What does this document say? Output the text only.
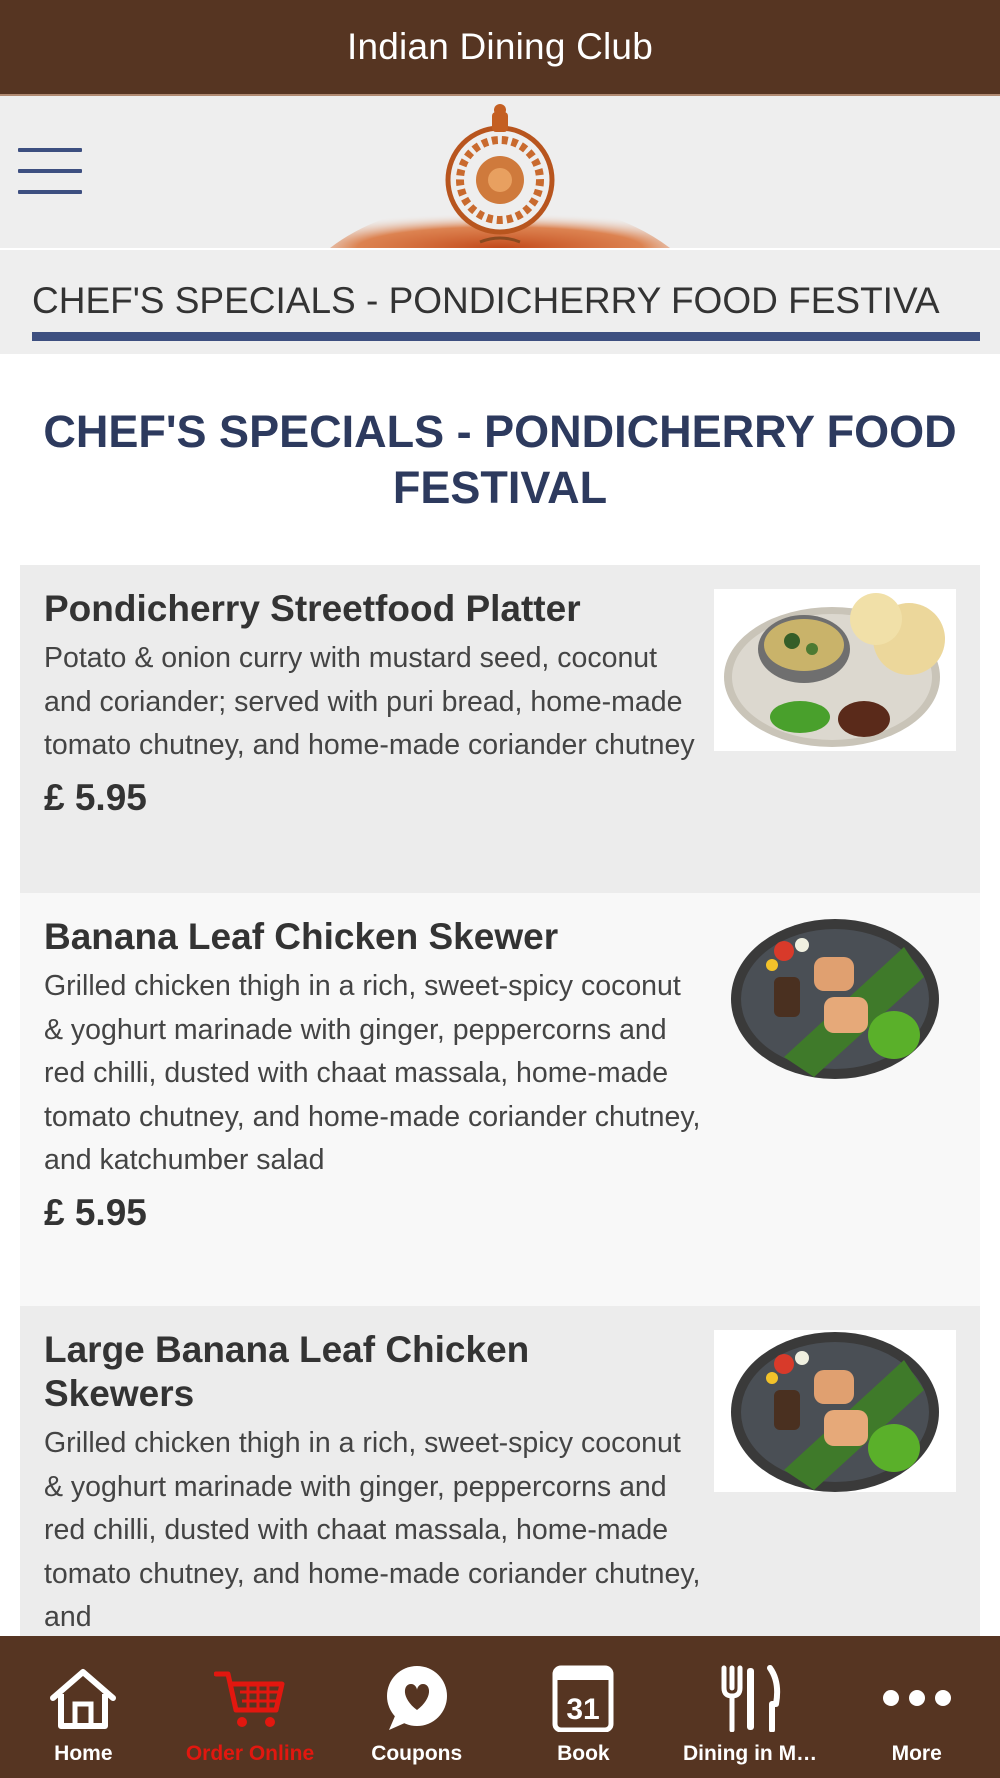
Indian Dining Club
CHEF'S SPECIALS - PONDICHERRY FOOD FESTIVA
CHEF'S SPECIALS - PONDICHERRY FOOD FESTIVAL
Pondicherry Streetfood Platter
Potato & onion curry with mustard seed, coconut and coriander; served with puri bread, home-made tomato chutney, and home-made coriander chutney
£ 5.95
Banana Leaf Chicken Skewer
Grilled chicken thigh in a rich, sweet-spicy coconut & yoghurt marinade with ginger, peppercorns and red chilli, dusted with chaat massala, home-made tomato chutney, and home-made coriander chutney, and katchumber salad
£ 5.95
Large Banana Leaf Chicken Skewers
Grilled chicken thigh in a rich, sweet-spicy coconut & yoghurt marinade with ginger, peppercorns and red chilli, dusted with chaat massala, home-made tomato chutney, and home-made coriander chutney, and
Home	Order Online	Coupons
31
Book	Dining in M…	More
